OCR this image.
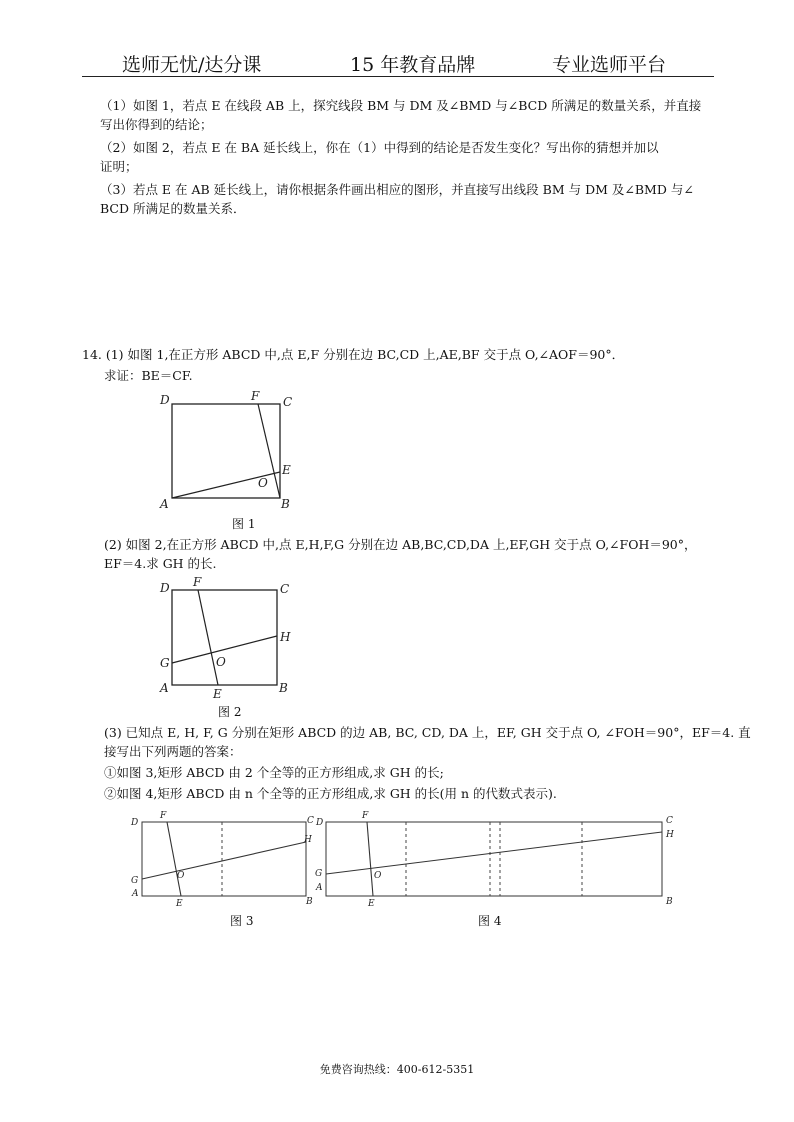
选师无忧/达分课	15 年教育品牌	专业选师平台
（1）如图 1，若点 E 在线段 AB 上，探究线段 BM 与 DM 及∠BMD 与∠BCD 所满足的数量关系，并直接
写出你得到的结论；
（2）如图 2，若点 E 在 BA 延长线上，你在（1）中得到的结论是否发生变化？写出你的猜想并加以
证明；
（3）若点 E 在 AB 延长线上，请你根据条件画出相应的图形，并直接写出线段 BM 与 DM 及∠BMD 与∠
BCD 所满足的数量关系．
14. (1) 如图 1,在正方形 ABCD 中,点 E,F 分别在边 BC,CD 上,AE,BF 交于点 O,∠AOF＝90°．
求证：BE＝CF.
D	F C
E
O
A	B
图 1
(2) 如图 2,在正方形 ABCD 中,点 E,H,F,G 分别在边 AB,BC,CD,DA 上,EF,GH 交于点 O,∠FOH＝90°，
EF＝4.求 GH 的长.
D F	C
H
G	O
A	E	B
图 2
(3) 已知点 E, H, F, G 分别在矩形 ABCD 的边 AB, BC, CD, DA 上，EF, GH 交于点 O, ∠FOH＝90°，EF＝4. 直
接写出下列两题的答案：
①如图 3,矩形 ABCD 由 2 个全等的正方形组成,求 GH 的长;
②如图 4,矩形 ABCD 由 n 个全等的正方形组成,求 GH 的长(用 n 的代数式表示).
D
F	C
H
G	O
A
E	B
图 3
D
F	C
H
G	O
A
E	B
图 4
免费咨询热线：400-612-5351
